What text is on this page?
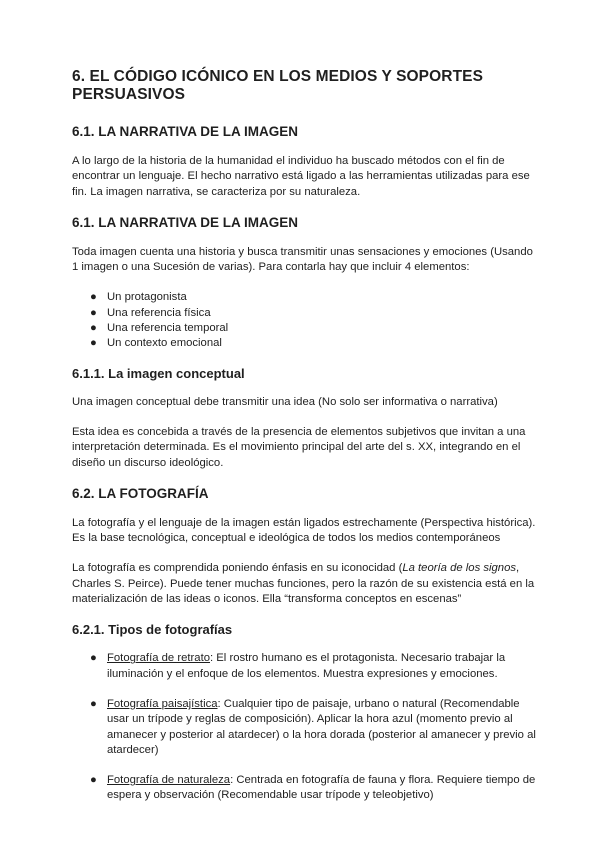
6. EL CÓDIGO ICÓNICO EN LOS MEDIOS Y SOPORTES PERSUASIVOS
6.1. LA NARRATIVA DE LA IMAGEN

A lo largo de la historia de la humanidad el individuo ha buscado métodos con el fin de encontrar un lenguaje. El hecho narrativo está ligado a las herramientas utilizadas para ese fin. La imagen narrativa, se caracteriza por su naturaleza.

6.1. LA NARRATIVA DE LA IMAGEN

Toda imagen cuenta una historia y busca transmitir unas sensaciones y emociones (Usando 1 imagen o una Sucesión de varias). Para contarla hay que incluir 4 elementos:

● Un protagonista
● Una referencia física
● Una referencia temporal
● Un contexto emocional
6.1.1. La imagen conceptual

Una imagen conceptual debe transmitir una idea (No solo ser informativa o narrativa)

Esta idea es concebida a través de la presencia de elementos subjetivos que invitan a una interpretación determinada. Es el movimiento principal del arte del s. XX, integrando en el diseño un discurso ideológico.

6.2. LA FOTOGRAFÍA

La fotografía y el lenguaje de la imagen están ligados estrechamente (Perspectiva histórica). Es la base tecnológica, conceptual e ideológica de todos los medios contemporáneos

La fotografía es comprendida poniendo énfasis en su iconocidad (La teoría de los signos, Charles S. Peirce). Puede tener muchas funciones, pero la razón de su existencia está en la materialización de las ideas o iconos. Ella “transforma conceptos en escenas”

6.2.1. Tipos de fotografías
● Fotografía de retrato: El rostro humano es el protagonista. Necesario trabajar la iluminación y el enfoque de los elementos. Muestra expresiones y emociones.
● Fotografía paisajística: Cualquier tipo de paisaje, urbano o natural (Recomendable usar un trípode y reglas de composición). Aplicar la hora azul (momento previo al amanecer y posterior al atardecer) o la hora dorada (posterior al amanecer y previo al atardecer)
● Fotografía de naturaleza: Centrada en fotografía de fauna y flora. Requiere tiempo de espera y observación (Recomendable usar trípode y teleobjetivo)
